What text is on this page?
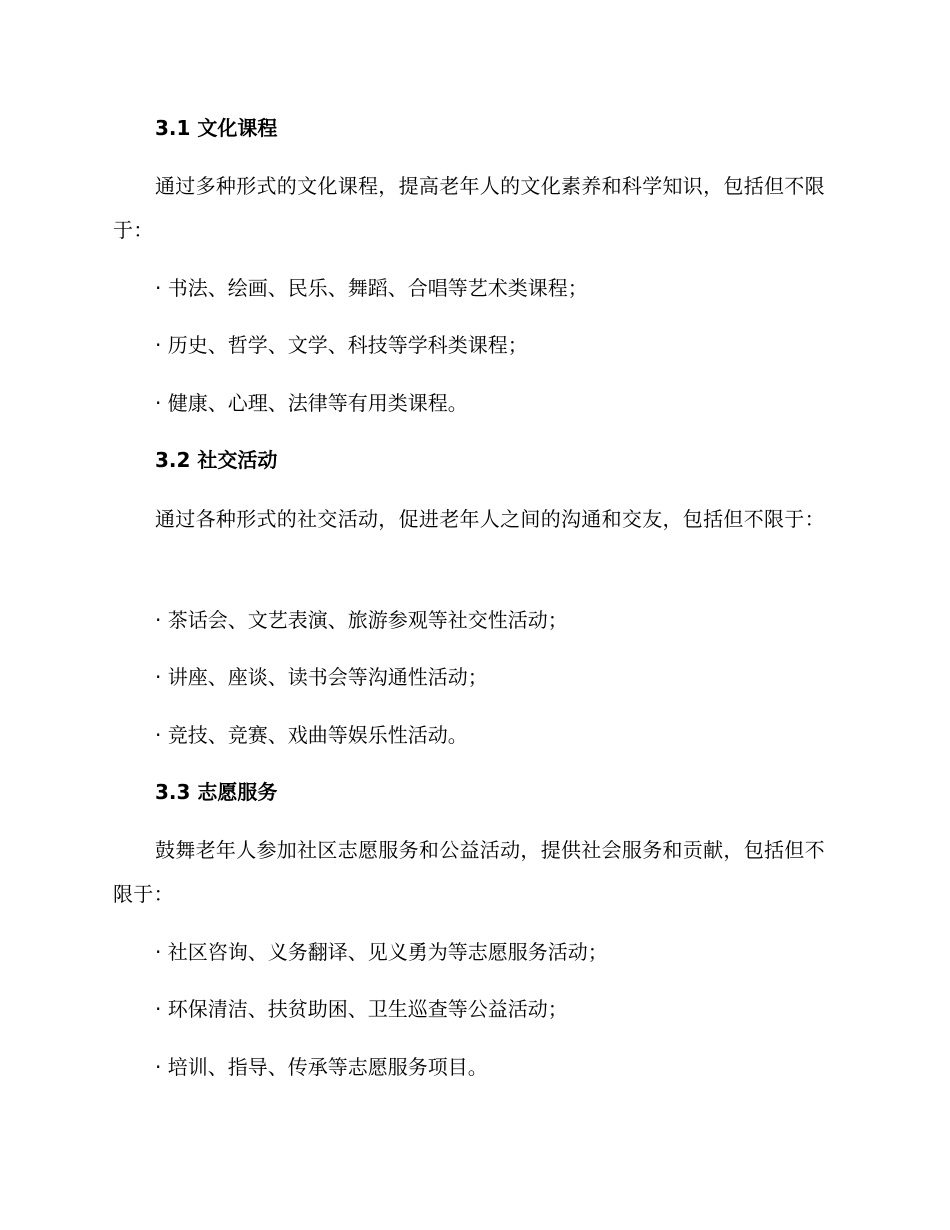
3.1 文化课程
通过多种形式的文化课程，提高老年人的文化素养和科学知识，包括但不限于：
· 书法、绘画、民乐、舞蹈、合唱等艺术类课程；
· 历史、哲学、文学、科技等学科类课程；
· 健康、心理、法律等有用类课程。
3.2 社交活动
通过各种形式的社交活动，促进老年人之间的沟通和交友，包括但不限于：
· 茶话会、文艺表演、旅游参观等社交性活动；
· 讲座、座谈、读书会等沟通性活动；
· 竞技、竞赛、戏曲等娱乐性活动。
3.3 志愿服务
鼓舞老年人参加社区志愿服务和公益活动，提供社会服务和贡献，包括但不限于：
· 社区咨询、义务翻译、见义勇为等志愿服务活动；
· 环保清洁、扶贫助困、卫生巡查等公益活动；
· 培训、指导、传承等志愿服务项目。
